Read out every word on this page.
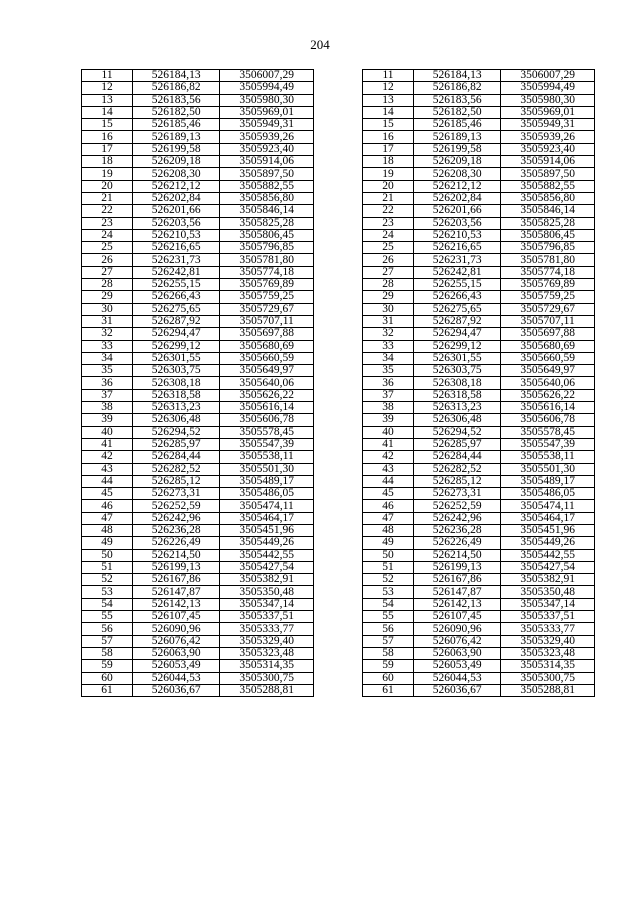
204
11	526184,13	3506007,29		11	526184,13	3506007,29
12	526186,82	3505994,49		12	526186,82	3505994,49
13	526183,56	3505980,30		13	526183,56	3505980,30
14	526182,50	3505969,01		14	526182,50	3505969,01
15	526185,46	3505949,31		15	526185,46	3505949,31
16	526189,13	3505939,26		16	526189,13	3505939,26
17	526199,58	3505923,40		17	526199,58	3505923,40
18	526209,18	3505914,06		18	526209,18	3505914,06
19	526208,30	3505897,50		19	526208,30	3505897,50
20	526212,12	3505882,55		20	526212,12	3505882,55
21	526202,84	3505856,80		21	526202,84	3505856,80
22	526201,66	3505846,14		22	526201,66	3505846,14
23	526203,56	3505825,28		23	526203,56	3505825,28
24	526210,53	3505806,45		24	526210,53	3505806,45
25	526216,65	3505796,85		25	526216,65	3505796,85
26	526231,73	3505781,80		26	526231,73	3505781,80
27	526242,81	3505774,18		27	526242,81	3505774,18
28	526255,15	3505769,89		28	526255,15	3505769,89
29	526266,43	3505759,25		29	526266,43	3505759,25
30	526275,65	3505729,67		30	526275,65	3505729,67
31	526287,92	3505707,11		31	526287,92	3505707,11
32	526294,47	3505697,88		32	526294,47	3505697,88
33	526299,12	3505680,69		33	526299,12	3505680,69
34	526301,55	3505660,59		34	526301,55	3505660,59
35	526303,75	3505649,97		35	526303,75	3505649,97
36	526308,18	3505640,06		36	526308,18	3505640,06
37	526318,58	3505626,22		37	526318,58	3505626,22
38	526313,23	3505616,14		38	526313,23	3505616,14
39	526306,48	3505606,78		39	526306,48	3505606,78
40	526294,52	3505578,45		40	526294,52	3505578,45
41	526285,97	3505547,39		41	526285,97	3505547,39
42	526284,44	3505538,11		42	526284,44	3505538,11
43	526282,52	3505501,30		43	526282,52	3505501,30
44	526285,12	3505489,17		44	526285,12	3505489,17
45	526273,31	3505486,05		45	526273,31	3505486,05
46	526252,59	3505474,11		46	526252,59	3505474,11
47	526242,96	3505464,17		47	526242,96	3505464,17
48	526236,28	3505451,96		48	526236,28	3505451,96
49	526226,49	3505449,26		49	526226,49	3505449,26
50	526214,50	3505442,55		50	526214,50	3505442,55
51	526199,13	3505427,54		51	526199,13	3505427,54
52	526167,86	3505382,91		52	526167,86	3505382,91
53	526147,87	3505350,48		53	526147,87	3505350,48
54	526142,13	3505347,14		54	526142,13	3505347,14
55	526107,45	3505337,51		55	526107,45	3505337,51
56	526090,96	3505333,77		56	526090,96	3505333,77
57	526076,42	3505329,40		57	526076,42	3505329,40
58	526063,90	3505323,48		58	526063,90	3505323,48
59	526053,49	3505314,35		59	526053,49	3505314,35
60	526044,53	3505300,75		60	526044,53	3505300,75
61	526036,67	3505288,81		61	526036,67	3505288,81
